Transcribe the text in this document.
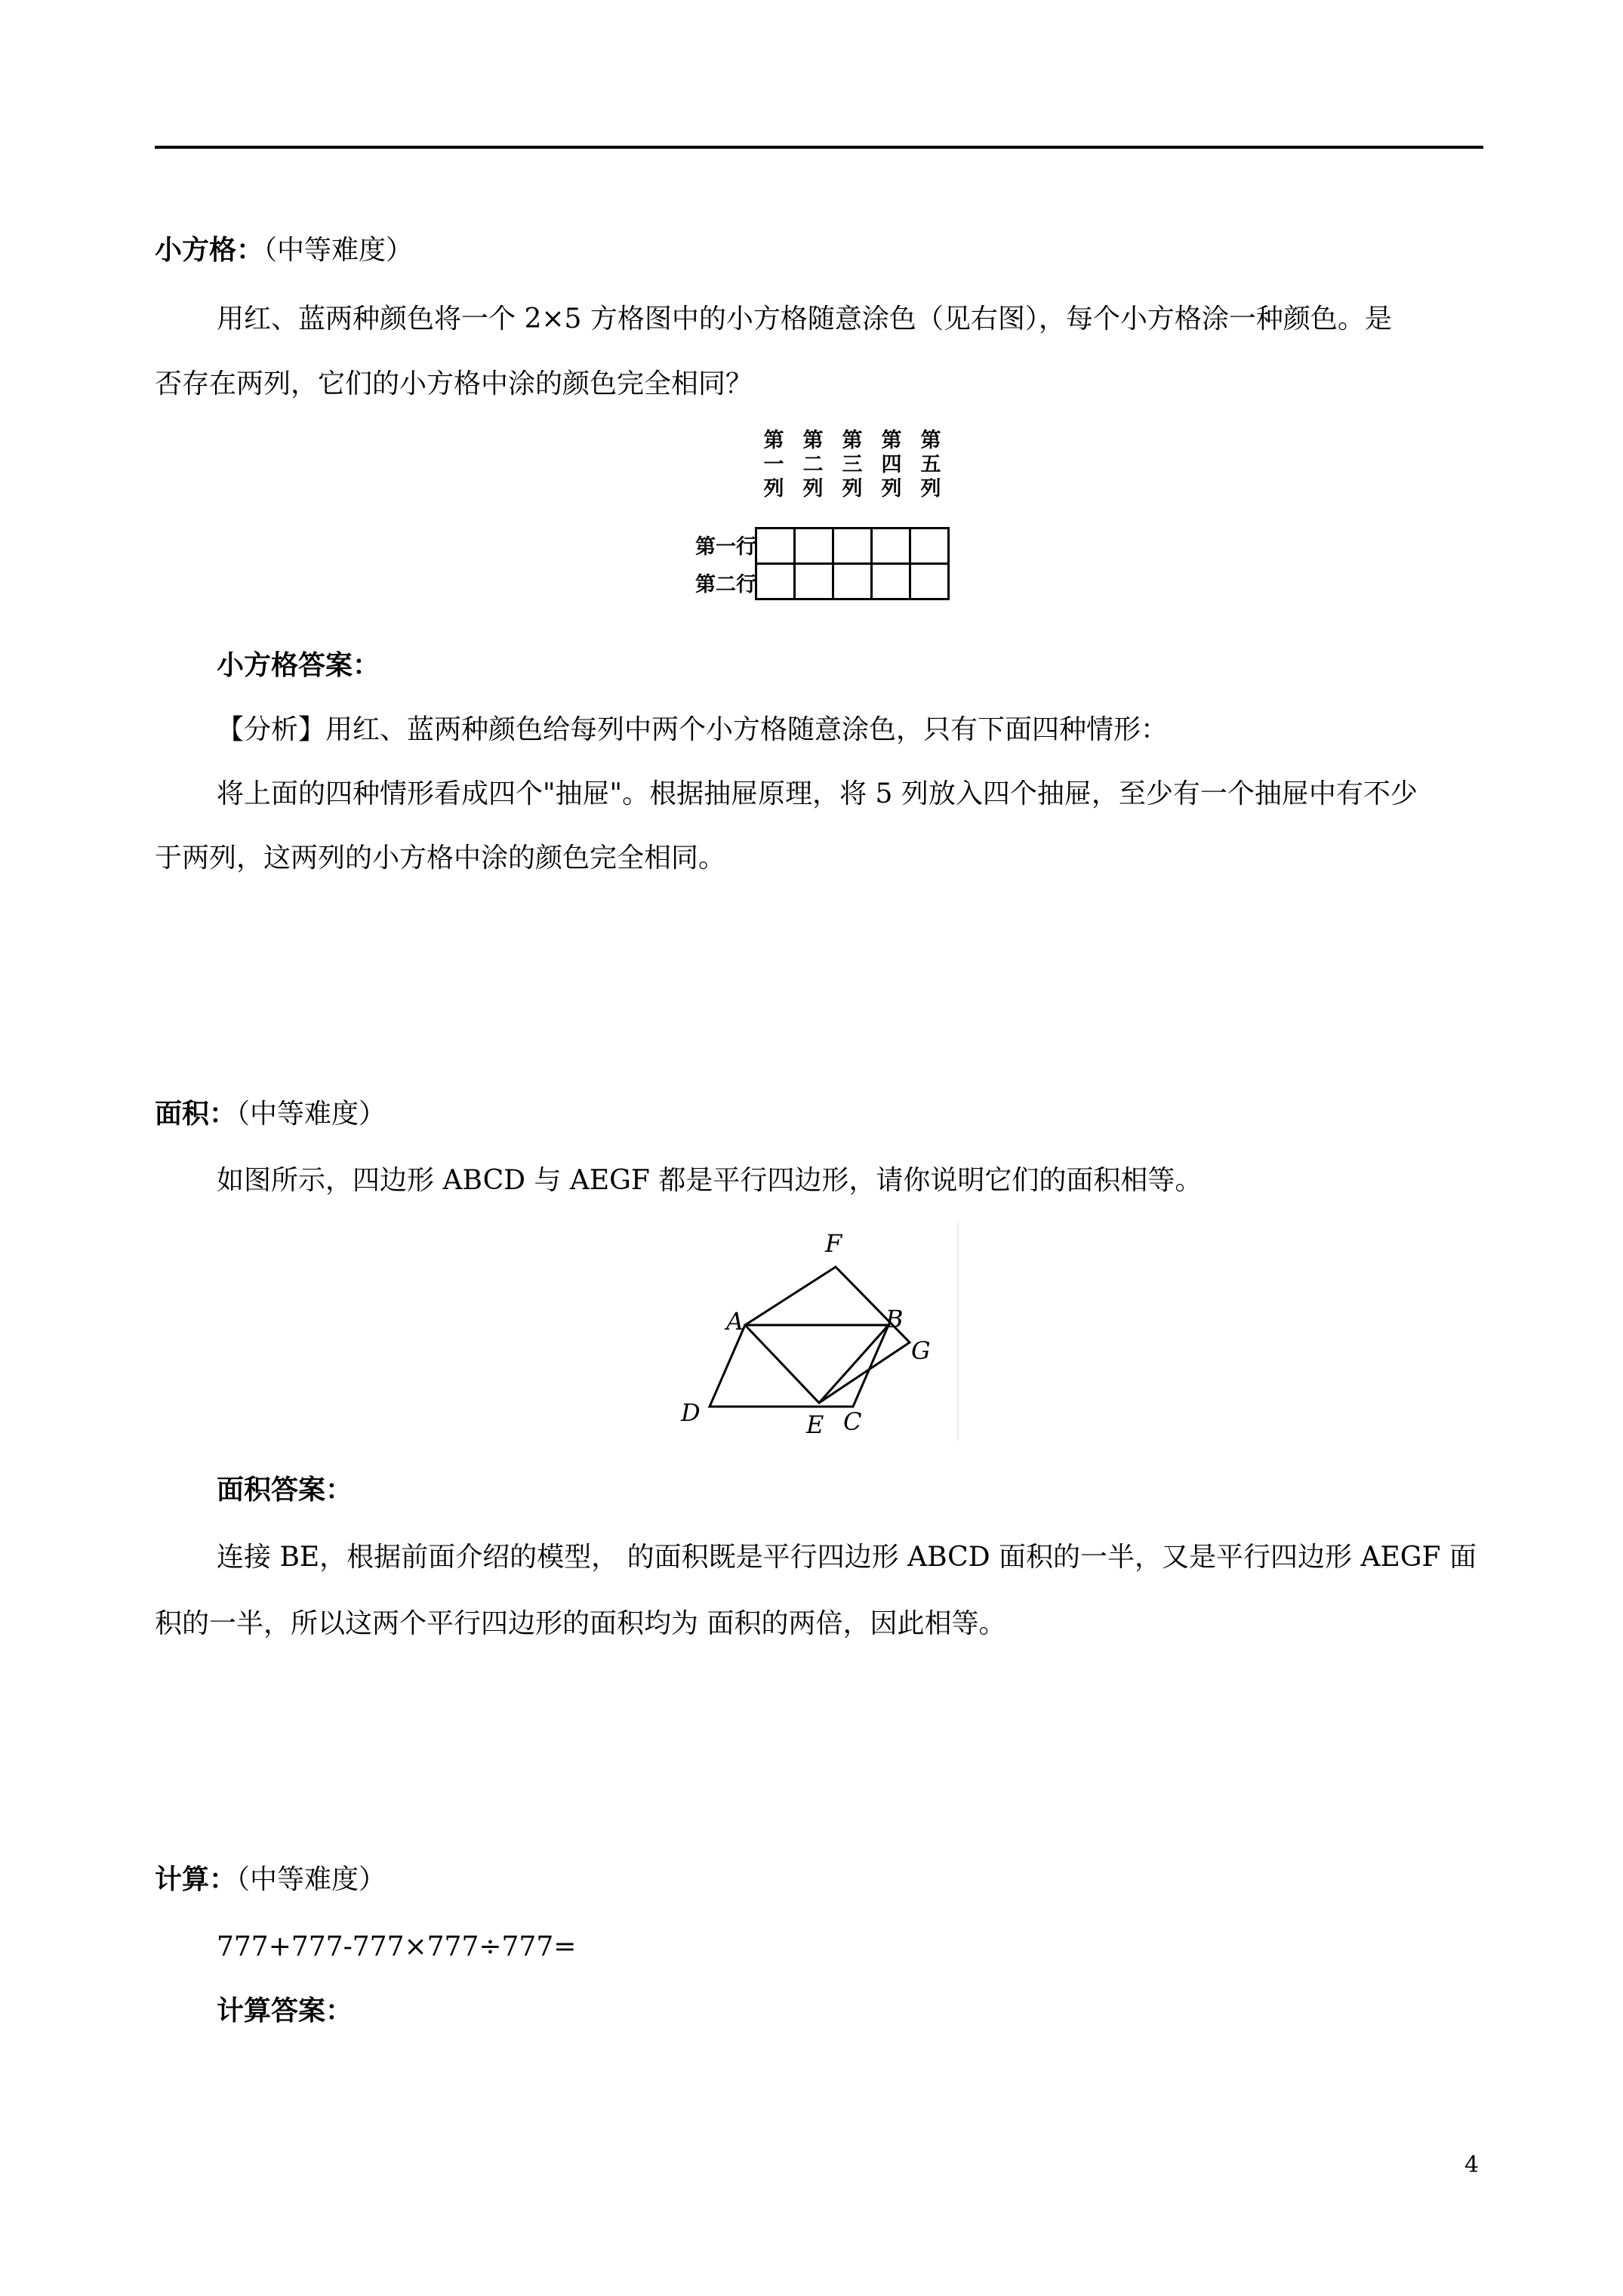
小方格：（中等难度）
用红、蓝两种颜色将一个 2×5 方格图中的小方格随意涂色（见右图），每个小方格涂一种颜色。是
否存在两列，它们的小方格中涂的颜色完全相同？
第
一
列
第
二
列
第
三
列
第
四
列
第
五
列
第一行
第二行

小方格答案：
【分析】用红、蓝两种颜色给每列中两个小方格随意涂色，只有下面四种情形：
将上面的四种情形看成四个"抽屉"。根据抽屉原理，将 5 列放入四个抽屉，至少有一个抽屉中有不少
于两列，这两列的小方格中涂的颜色完全相同。
面积：（中等难度）
如图所示，四边形 ABCD 与 AEGF 都是平行四边形，请你说明它们的面积相等。
F
A	B
G
D	E C
面积答案：
连接 BE，根据前面介绍的模型， 的面积既是平行四边形 ABCD 面积的一半，又是平行四边形 AEGF 面
积的一半，所以这两个平行四边形的面积均为 面积的两倍，因此相等。
计算：（中等难度）
777+777-777×777÷777=
计算答案：
4
